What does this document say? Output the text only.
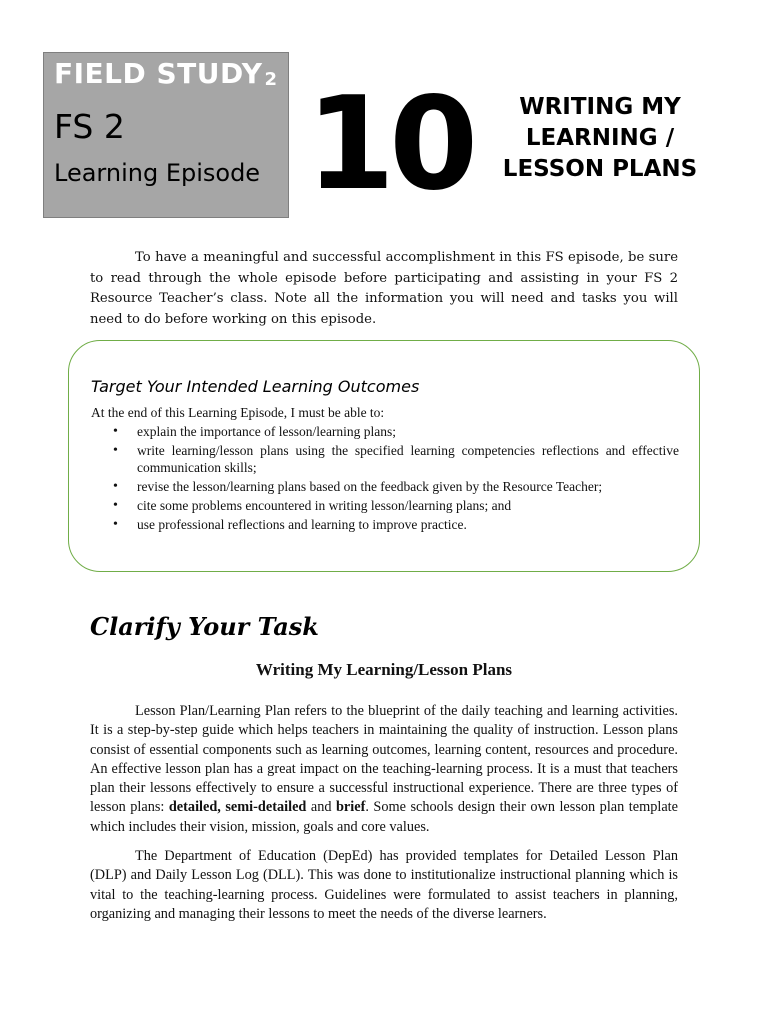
FIELD STUDY 2
FS 2
Learning Episode 10	WRITING MY LEARNING / LESSON PLANS

To have a meaningful and successful accomplishment in this FS episode, be sure to read through the whole episode before participating and assisting in your FS 2 Resource Teacher’s class. Note all the information you will need and tasks you will need to do before working on this episode.

Target Your Intended Learning Outcomes
At the end of this Learning Episode, I must be able to:
• explain the importance of lesson/learning plans;
• write learning/lesson plans using the specified learning competencies reflections and effective communication skills;
• revise the lesson/learning plans based on the feedback given by the Resource Teacher;
• cite some problems encountered in writing lesson/learning plans; and
• use professional reflections and learning to improve practice.
Clarify Your Task
Writing My Learning/Lesson Plans

Lesson Plan/Learning Plan refers to the blueprint of the daily teaching and learning activities. It is a step-by-step guide which helps teachers in maintaining the quality of instruction. Lesson plans consist of essential components such as learning outcomes, learning content, resources and procedure. An effective lesson plan has a great impact on the teaching-learning process. It is a must that teachers plan their lessons effectively to ensure a successful instructional experience. There are three types of lesson plans: detailed, semi-detailed and brief. Some schools design their own lesson plan template which includes their vision, mission, goals and core values.

The Department of Education (DepEd) has provided templates for Detailed Lesson Plan (DLP) and Daily Lesson Log (DLL). This was done to institutionalize instructional planning which is vital to the teaching-learning process. Guidelines were formulated to assist teachers in planning, organizing and managing their lessons to meet the needs of the diverse learners.
